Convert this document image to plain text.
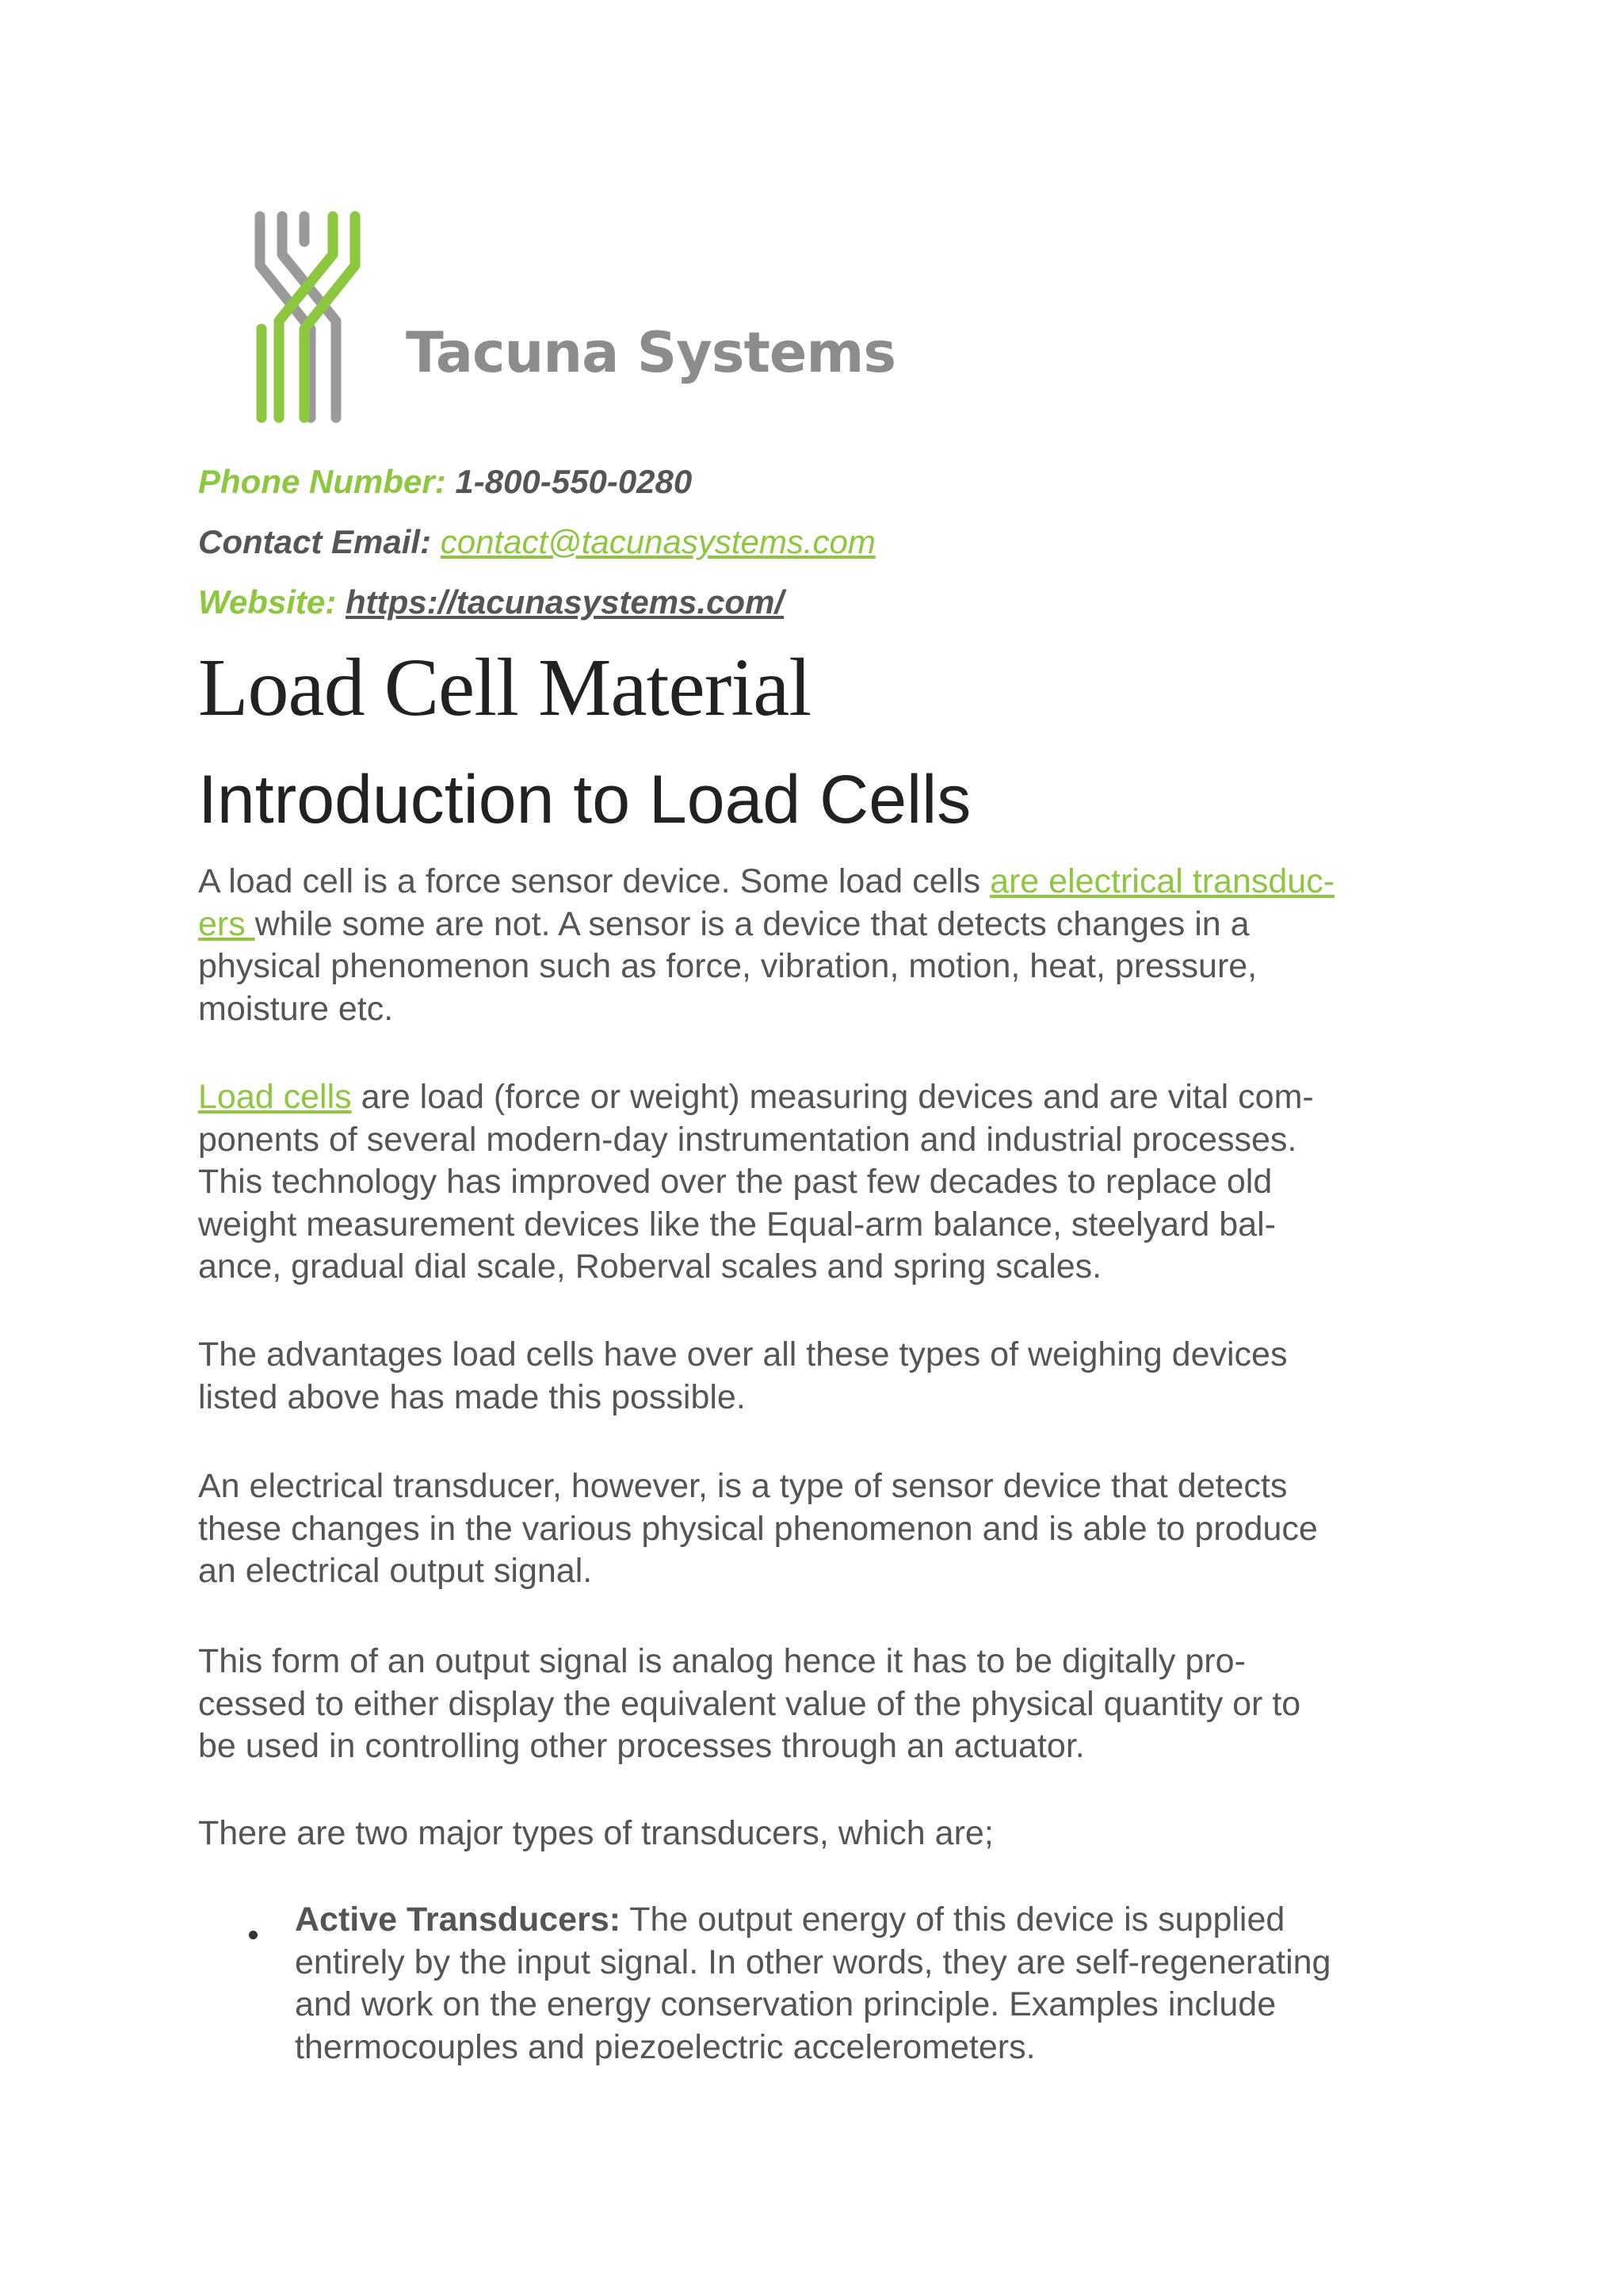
Tacuna Systems
Phone Number: 1-800-550-0280
Contact Email: contact@tacunasystems.com
Website: https://tacunasystems.com/
Load Cell Material
Introduction to Load Cells
A load cell is a force sensor device. Some load cells are electrical transduc-
ers while some are not. A sensor is a device that detects changes in a
physical phenomenon such as force, vibration, motion, heat, pressure,
moisture etc.
Load cells are load (force or weight) measuring devices and are vital com-
ponents of several modern-day instrumentation and industrial processes.
This technology has improved over the past few decades to replace old
weight measurement devices like the Equal-arm balance, steelyard bal-
ance, gradual dial scale, Roberval scales and spring scales.
The advantages load cells have over all these types of weighing devices
listed above has made this possible.
An electrical transducer, however, is a type of sensor device that detects
these changes in the various physical phenomenon and is able to produce
an electrical output signal.
This form of an output signal is analog hence it has to be digitally pro-
cessed to either display the equivalent value of the physical quantity or to
be used in controlling other processes through an actuator.
There are two major types of transducers, which are;
Active Transducers: The output energy of this device is supplied
entirely by the input signal. In other words, they are self-regenerating
and work on the energy conservation principle. Examples include
thermocouples and piezoelectric accelerometers.
